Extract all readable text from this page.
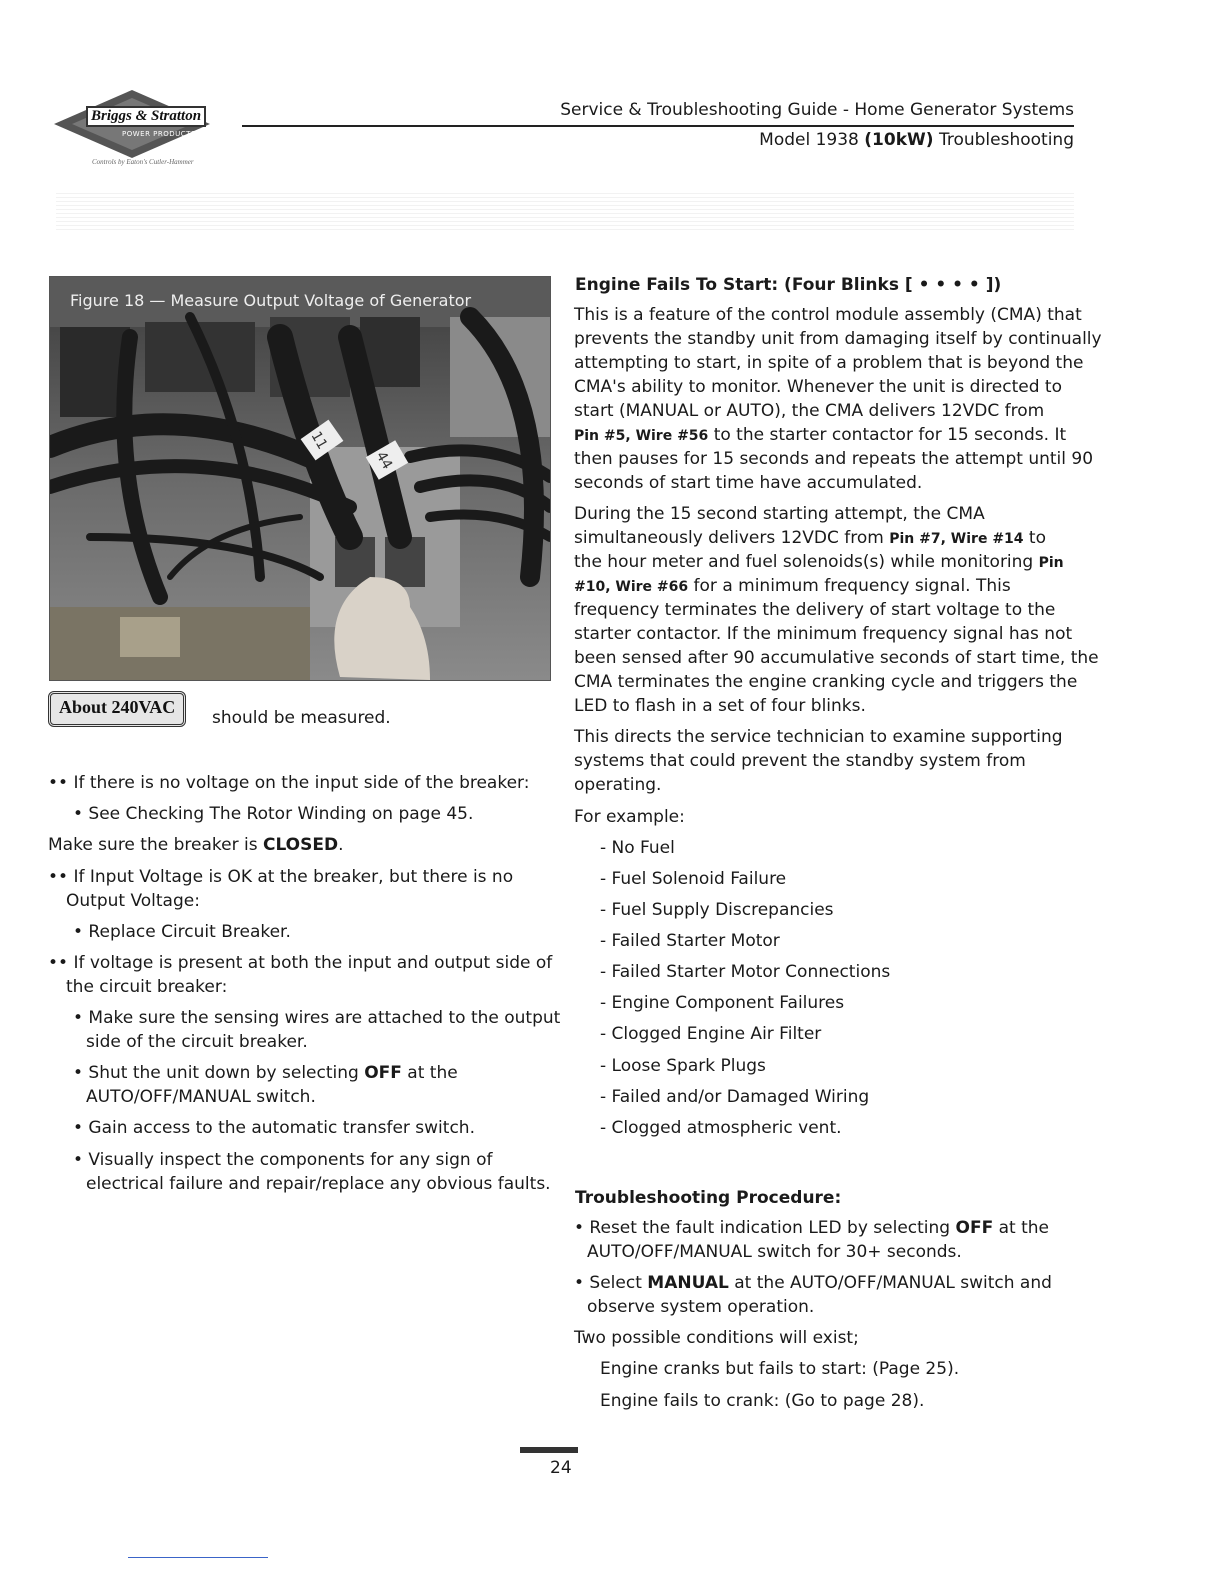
Briggs & Stratton
POWER PRODUCTS
Controls by Eaton's Cutler-Hammer
Service & Troubleshooting Guide - Home Generator Systems
Model 1938 (10kW) Troubleshooting
11
44
Figure 18 — Measure Output Voltage of Generator
About 240VAC
should be measured.
•• If there is no voltage on the input side of the breaker:
• See Checking The Rotor Winding on page 45.
Make sure the breaker is CLOSED.
•• If Input Voltage is OK at the breaker, but there is no
Output Voltage:
• Replace Circuit Breaker.
•• If voltage is present at both the input and output side of
the circuit breaker:
• Make sure the sensing wires are attached to the output
side of the circuit breaker.
• Shut the unit down by selecting OFF at the
AUTO/OFF/MANUAL switch.
• Gain access to the automatic transfer switch.
• Visually inspect the components for any sign of
electrical failure and repair/replace any obvious faults.
Engine Fails To Start: (Four Blinks [ • • • • ])
This is a feature of the control module assembly (CMA) that
prevents the standby unit from damaging itself by continually
attempting to start, in spite of a problem that is beyond the
CMA's ability to monitor. Whenever the unit is directed to
start (MANUAL or AUTO), the CMA delivers 12VDC from
Pin #5, Wire #56 to the starter contactor for 15 seconds. It
then pauses for 15 seconds and repeats the attempt until 90
seconds of start time have accumulated.
During the 15 second starting attempt, the CMA
simultaneously delivers 12VDC from Pin #7, Wire #14 to
the hour meter and fuel solenoids(s) while monitoring Pin
#10, Wire #66 for a minimum frequency signal. This
frequency terminates the delivery of start voltage to the
starter contactor. If the minimum frequency signal has not
been sensed after 90 accumulative seconds of start time, the
CMA terminates the engine cranking cycle and triggers the
LED to flash in a set of four blinks.
This directs the service technician to examine supporting
systems that could prevent the standby system from
operating.
For example:
- No Fuel
- Fuel Solenoid Failure
- Fuel Supply Discrepancies
- Failed Starter Motor
- Failed Starter Motor Connections
- Engine Component Failures
- Clogged Engine Air Filter
- Loose Spark Plugs
- Failed and/or Damaged Wiring
- Clogged atmospheric vent.
Troubleshooting Procedure:
• Reset the fault indication LED by selecting OFF at the
AUTO/OFF/MANUAL switch for 30+ seconds.
• Select MANUAL at the AUTO/OFF/MANUAL switch and
observe system operation.
Two possible conditions will exist;
Engine cranks but fails to start: (Page 25).
Engine fails to crank: (Go to page 28).
24
